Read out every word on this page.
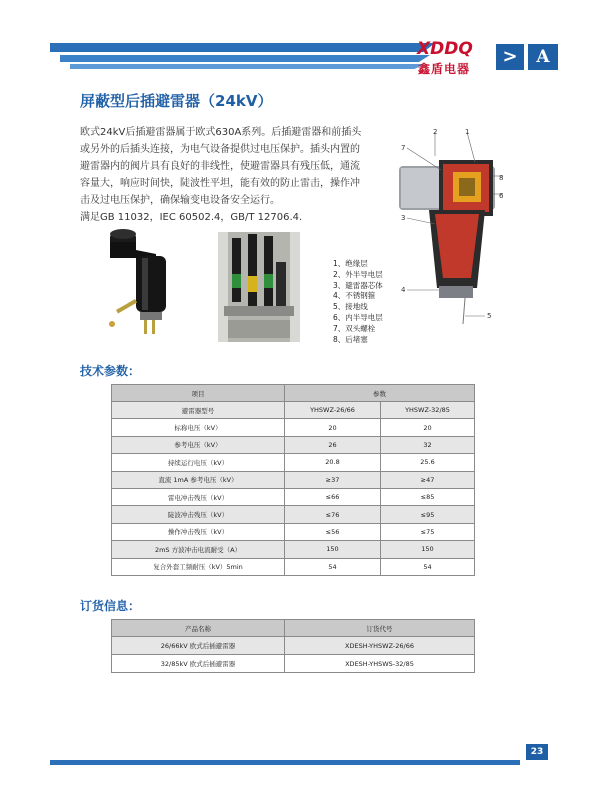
XDDQ
鑫盾电器
>	A
屏蔽型后插避雷器（24kV）

欧式24kV后插避雷器属于欧式630A系列。后插避雷器和前插头

或另外的后插头连接，为电气设备提供过电压保护。插头内置的

避雷器内的阀片具有良好的非线性，使避雷器具有残压低，通流

容量大，响应时间快，陡波性平坦，能有效的防止雷击，操作冲

击及过电压保护，确保输变电设备安全运行。

满足GB 11032，IEC 60502.4，GB/T 12706.4.

1、绝缘层
2、外半导电层
3、避雷器芯体
4、不锈钢箍
5、接地线
6、内半导电层
7、双头螺栓
8、后堵塞
2	1
7
8
6
3
4
5
技术参数：
项目	参数	
避雷器型号	YHSWZ-26/66	YHSWZ-32/85
标称电压（kV）	20	20
参考电压（kV）	26	32
持续运行电压（kV）	20.8	25.6
直流 1mA 参考电压（kV）	≥37	≥47
雷电冲击残压（kV）	≤66	≤85
陡波冲击残压（kV）	≤76	≤95
操作冲击残压（kV）	≤56	≤75
2mS 方波冲击电流耐受（A）	150	150
复合外套工频耐压（kV）5min	54	54
订货信息：
产品名称	订货代号
26/66kV 欧式后插避雷器	XDESH-YHSWZ-26/66
32/85kV 欧式后插避雷器	XDESH-YHSWS-32/85
23
